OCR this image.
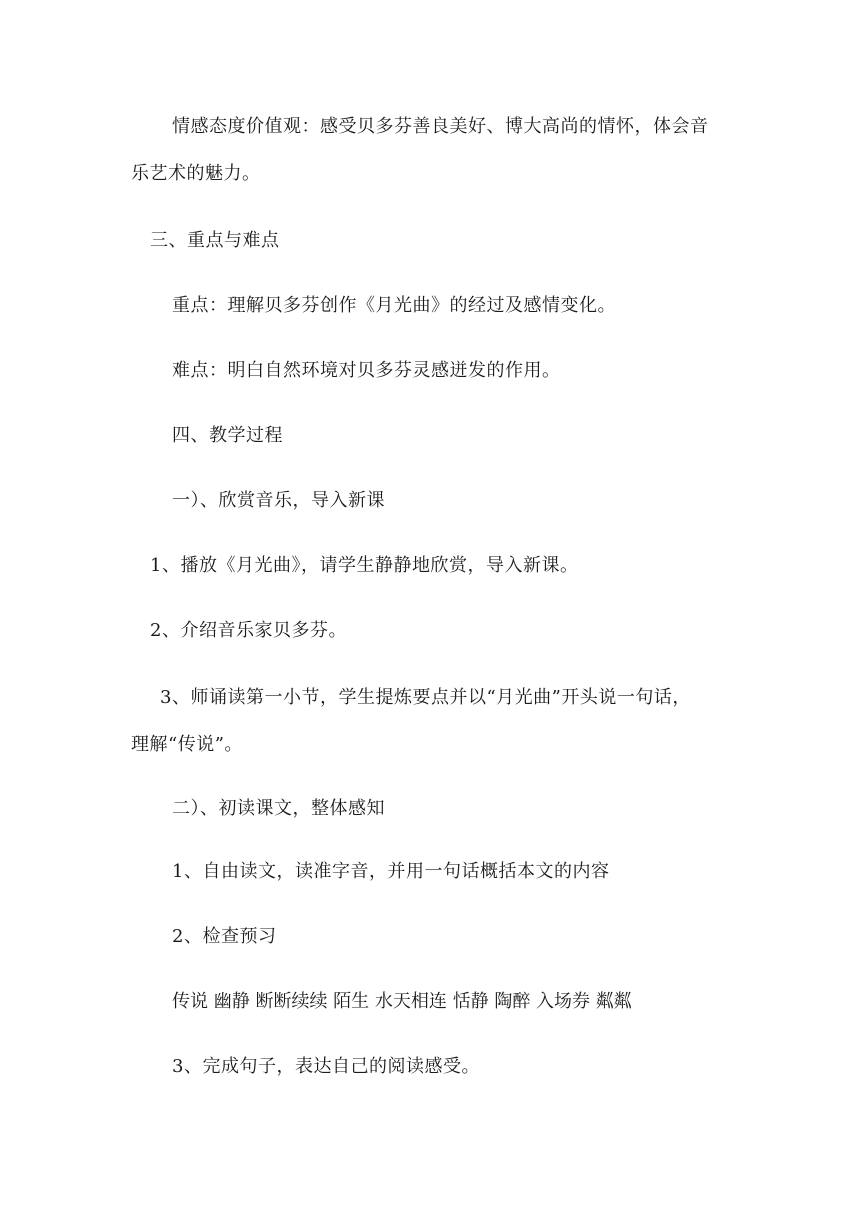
情感态度价值观：感受贝多芬善良美好、博大高尚的情怀，体会音
乐艺术的魅力。
三、重点与难点
重点：理解贝多芬创作《月光曲》的经过及感情变化。
难点：明白自然环境对贝多芬灵感迸发的作用。
四、教学过程
一）、欣赏音乐，导入新课
1、播放《月光曲》，请学生静静地欣赏，导入新课。
2、介绍音乐家贝多芬。
3、师诵读第一小节，学生提炼要点并以“月光曲”开头说一句话，
理解“传说”。
二）、初读课文，整体感知
1、自由读文，读准字音，并用一句话概括本文的内容
2、检查预习
传说 幽静 断断续续 陌生 水天相连 恬静 陶醉 入场券 粼粼
3、完成句子，表达自己的阅读感受。
